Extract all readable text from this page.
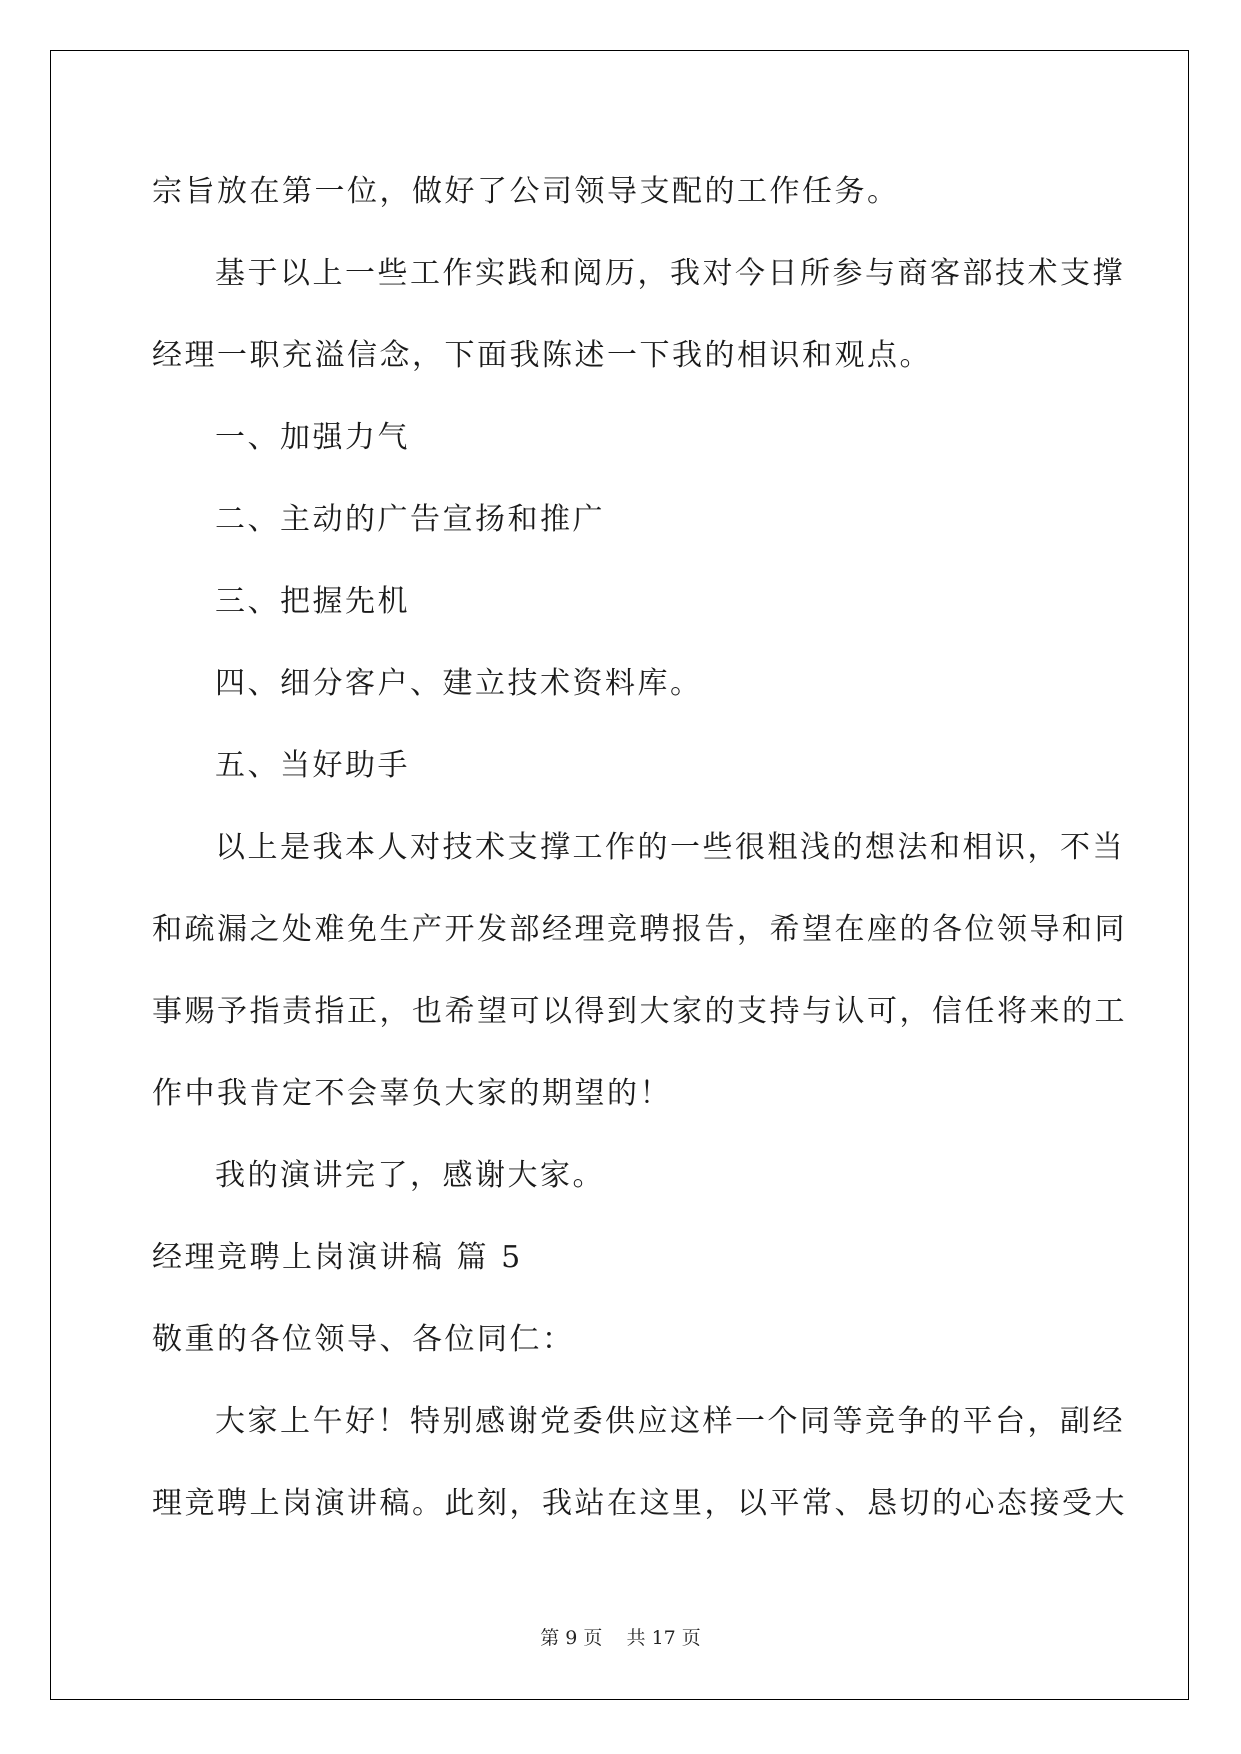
宗旨放在第一位，做好了公司领导支配的工作任务。

基于以上一些工作实践和阅历，我对今日所参与商客部技术支撑

经理一职充溢信念，下面我陈述一下我的相识和观点。

一、加强力气

二、主动的广告宣扬和推广

三、把握先机

四、细分客户、建立技术资料库。

五、当好助手

以上是我本人对技术支撑工作的一些很粗浅的想法和相识，不当

和疏漏之处难免生产开发部经理竞聘报告，希望在座的各位领导和同

事赐予指责指正，也希望可以得到大家的支持与认可，信任将来的工

作中我肯定不会辜负大家的期望的！

我的演讲完了，感谢大家。

经理竞聘上岗演讲稿 篇 5

敬重的各位领导、各位同仁：

大家上午好！特别感谢党委供应这样一个同等竞争的平台，副经

理竞聘上岗演讲稿。此刻，我站在这里，以平常、恳切的心态接受大

第 9 页 共 17 页
